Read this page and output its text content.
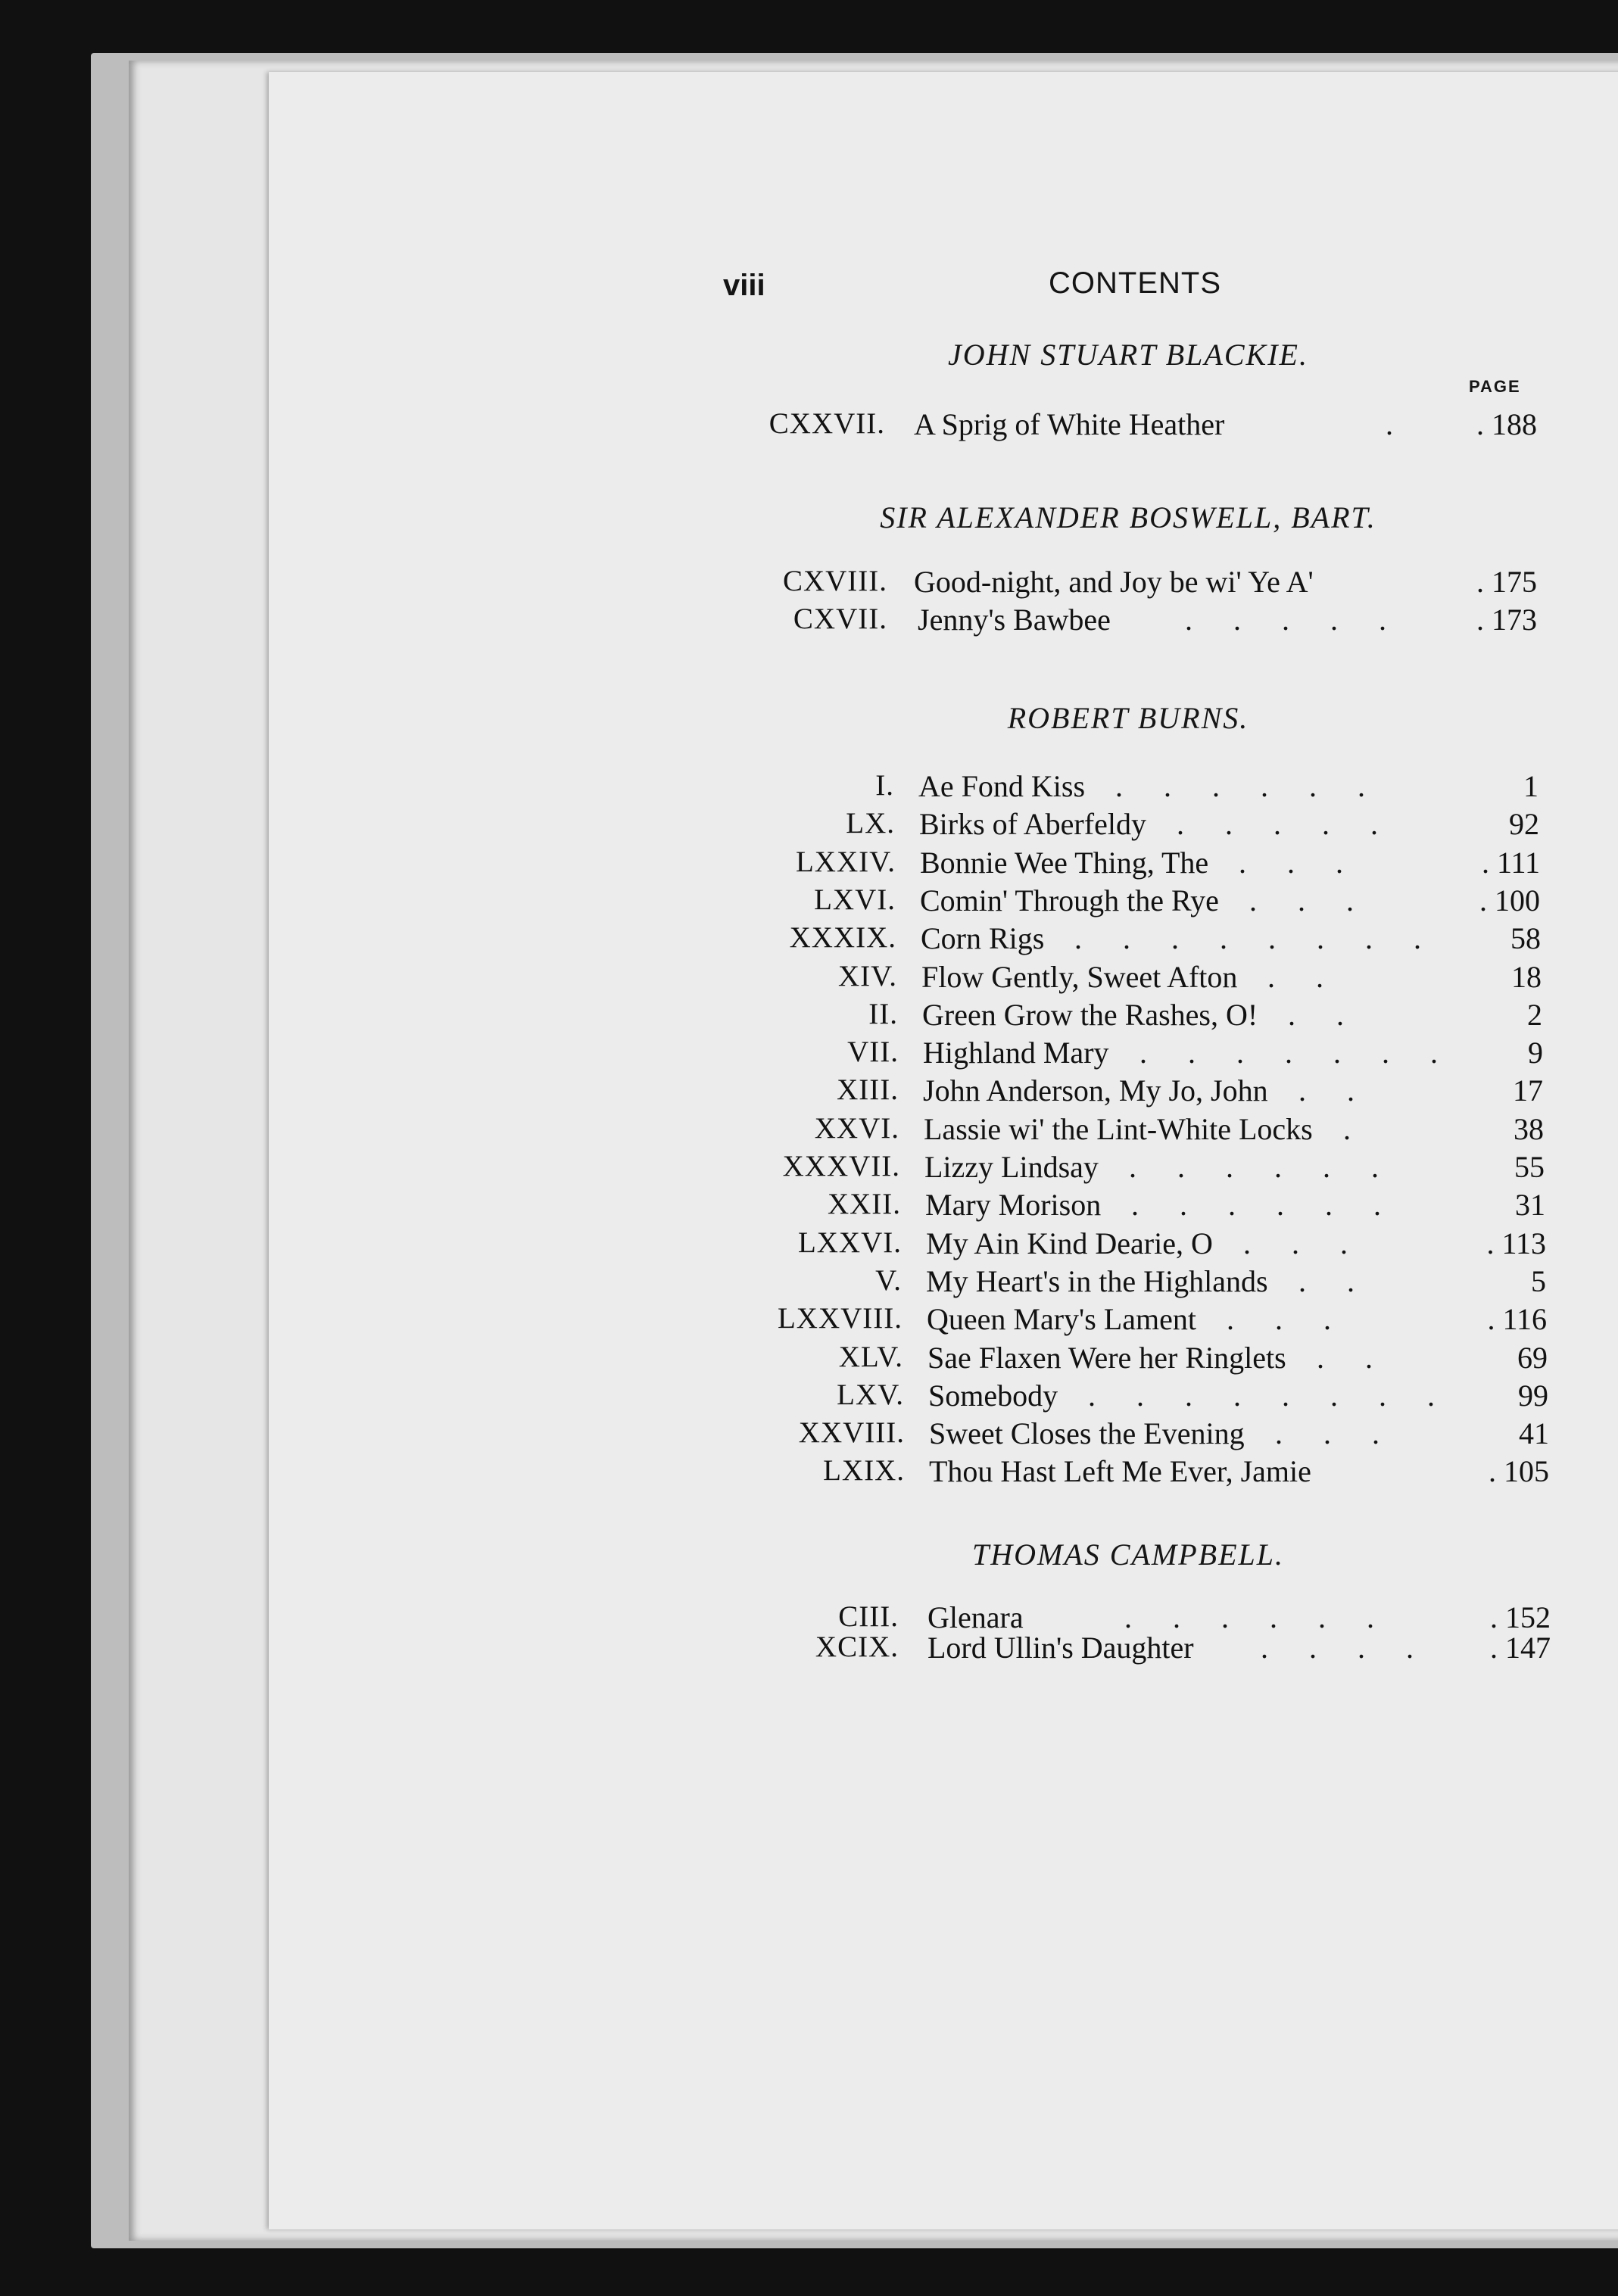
viii	CONTENTS
PAGE
JOHN STUART BLACKIE.
CXXVII. A Sprig of White Heather	.	. 188
SIR ALEXANDER BOSWELL, BART.
CXVIII. Good-night, and Joy be wi' Ye A'	. 175
CXVII. Jenny's Bawbee . . . . .	. 173
ROBERT BURNS.
I. Ae Fond Kiss . . . . . .	1
LX. Birks of Aberfeldy . . . . .	92
LXXIV. Bonnie Wee Thing, The . . .	. 111
LXVI. Comin' Through the Rye . . .	. 100
XXXIX. Corn Rigs . . . . . . . .	58
XIV. Flow Gently, Sweet Afton . .	18
II. Green Grow the Rashes, O! . .	2
VII. Highland Mary . . . . . . .	9
XIII. John Anderson, My Jo, John . .	17
XXVI. Lassie wi' the Lint-White Locks .	38
XXXVII. Lizzy Lindsay . . . . . .	55
XXII. Mary Morison . . . . . .	31
LXXVI. My Ain Kind Dearie, O . . .	. 113
V. My Heart's in the Highlands . .	5
LXXVIII. Queen Mary's Lament . . .	. 116
XLV. Sae Flaxen Were her Ringlets . .	69
LXV. Somebody . . . . . . . .	99
XXVIII. Sweet Closes the Evening . . .	41
LXIX. Thou Hast Left Me Ever, Jamie	. 105
THOMAS CAMPBELL.
CIII. Glenara	. . . . . .	. 152
XCIX. Lord Ullin's Daughter . . . .	. 147
